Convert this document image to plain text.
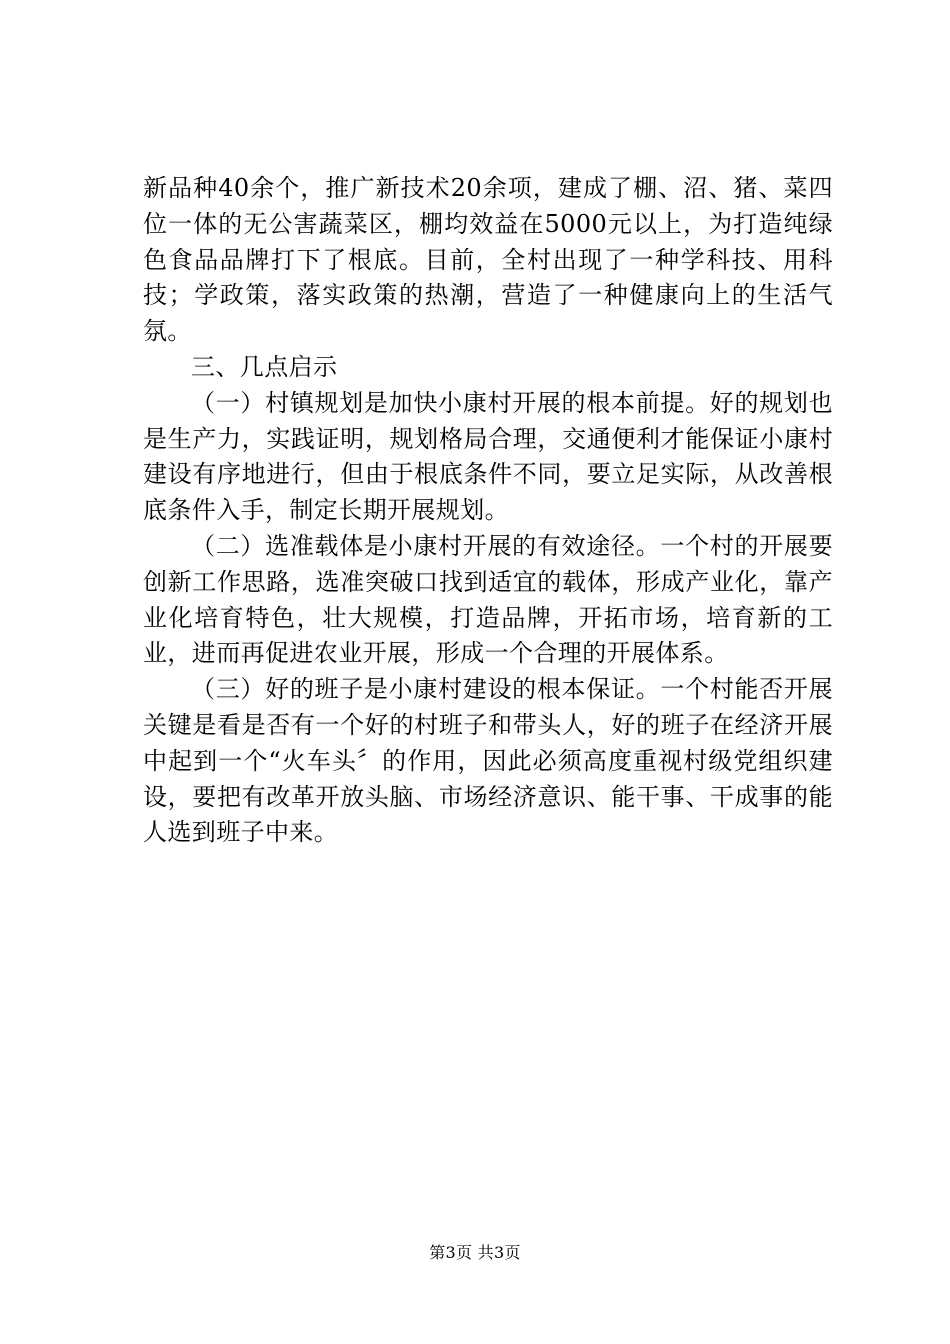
新品种40余个，推广新技术20余项，建成了棚、沼、猪、菜四位一体的无公害蔬菜区，棚均效益在5000元以上，为打造纯绿色食品品牌打下了根底。目前，全村出现了一种学科技、用科技；学政策，落实政策的热潮，营造了一种健康向上的生活气氛。

三、几点启示

（一）村镇规划是加快小康村开展的根本前提。好的规划也是生产力，实践证明，规划格局合理，交通便利才能保证小康村建设有序地进行，但由于根底条件不同，要立足实际，从改善根底条件入手，制定长期开展规划。

（二）选准载体是小康村开展的有效途径。一个村的开展要创新工作思路，选准突破口找到适宜的载体，形成产业化，靠产业化培育特色，壮大规模，打造品牌，开拓市场，培育新的工业，进而再促进农业开展，形成一个合理的开展体系。

（三）好的班子是小康村建设的根本保证。一个村能否开展关键是看是否有一个好的村班子和带头人，好的班子在经济开展中起到一个“火车头〞的作用，因此必须高度重视村级党组织建设，要把有改革开放头脑、市场经济意识、能干事、干成事的能人选到班子中来。

第3页 共3页
